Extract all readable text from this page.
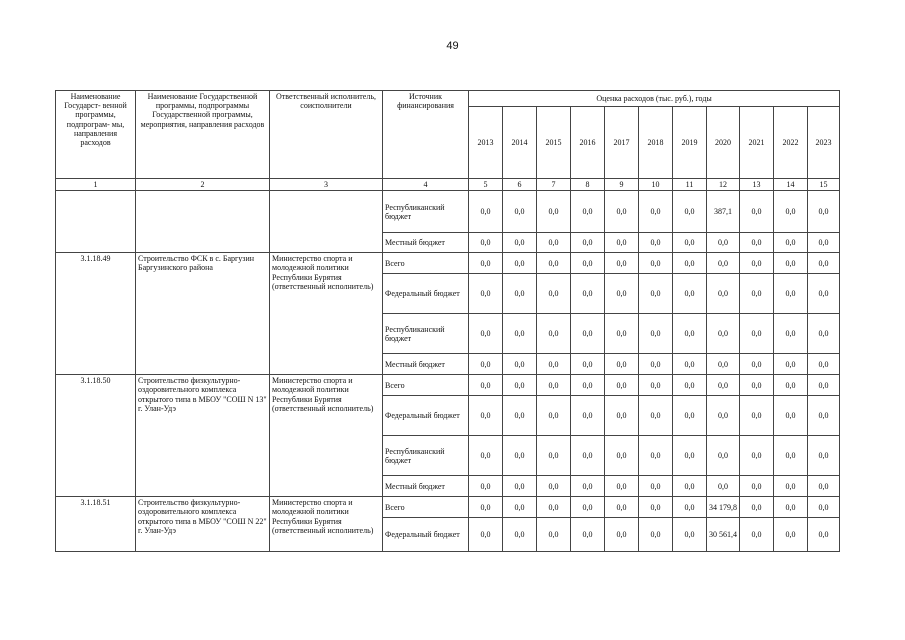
49
Наименование Государст- венной программы, подпрограм- мы, направления расходов	Наименование Государственной программы, подпрограммы Государственной программы, мероприятия, направления расходов	Ответственный исполнитель, соисполнители	Источник финансирования	Оценка расходов (тыс. руб.), годы										
				2013	2014	2015	2016	2017	2018	2019	2020	2021	2022	2023
1	2	3	4	5	6	7	8	9	10	11	12	13	14	15
			Республиканский бюджет	0,0	0,0	0,0	0,0	0,0	0,0	0,0	387,1	0,0	0,0	0,0
			Местный бюджет	0,0	0,0	0,0	0,0	0,0	0,0	0,0	0,0	0,0	0,0	0,0
3.1.18.49	Строительство ФСК в с. Баргузин Баргузинского района	Министерство спорта и молодежной политики Республики Бурятия (ответственный исполнитель)	Всего	0,0	0,0	0,0	0,0	0,0	0,0	0,0	0,0	0,0	0,0	0,0
			Федеральный бюджет	0,0	0,0	0,0	0,0	0,0	0,0	0,0	0,0	0,0	0,0	0,0
			Республиканский бюджет	0,0	0,0	0,0	0,0	0,0	0,0	0,0	0,0	0,0	0,0	0,0
			Местный бюджет	0,0	0,0	0,0	0,0	0,0	0,0	0,0	0,0	0,0	0,0	0,0
3.1.18.50	Строительство физкультурно- оздоровительного комплекса открытого типа в МБОУ "СОШ N 13" г. Улан-Удэ	Министерство спорта и молодежной политики Республики Бурятия (ответственный исполнитель)	Всего	0,0	0,0	0,0	0,0	0,0	0,0	0,0	0,0	0,0	0,0	0,0
			Федеральный бюджет	0,0	0,0	0,0	0,0	0,0	0,0	0,0	0,0	0,0	0,0	0,0
			Республиканский бюджет	0,0	0,0	0,0	0,0	0,0	0,0	0,0	0,0	0,0	0,0	0,0
			Местный бюджет	0,0	0,0	0,0	0,0	0,0	0,0	0,0	0,0	0,0	0,0	0,0
3.1.18.51	Строительство физкультурно- оздоровительного комплекса открытого типа в МБОУ "СОШ N 22" г. Улан-Удэ	Министерство спорта и молодежной политики Республики Бурятия (ответственный исполнитель)	Всего	0,0	0,0	0,0	0,0	0,0	0,0	0,0	34 179,8	0,0	0,0	0,0
			Федеральный бюджет	0,0	0,0	0,0	0,0	0,0	0,0	0,0	30 561,4	0,0	0,0	0,0
